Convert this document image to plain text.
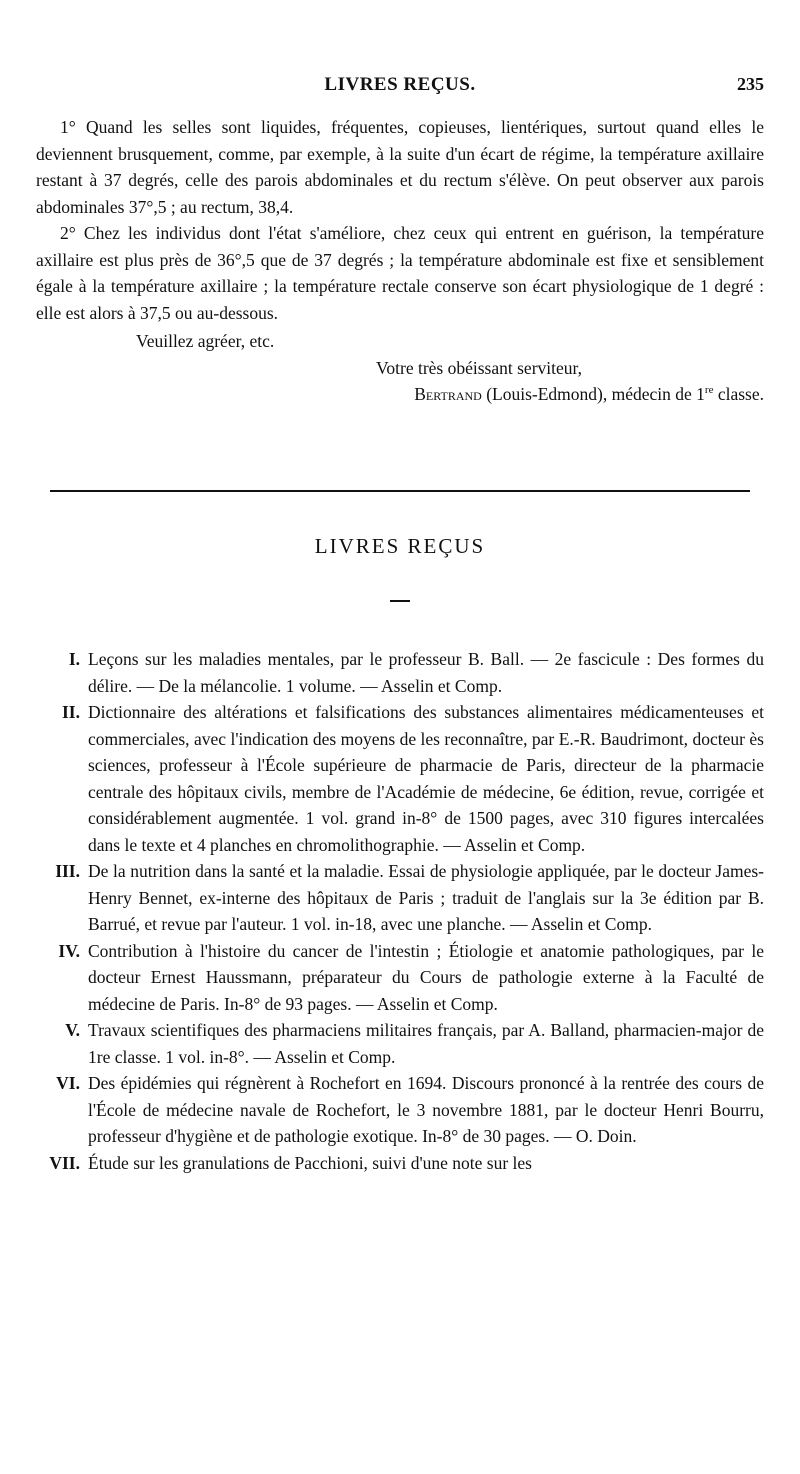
LIVRES REÇUS.	235

1° Quand les selles sont liquides, fréquentes, copieuses, lientériques, surtout quand elles le deviennent brusquement, comme, par exemple, à la suite d'un écart de régime, la température axillaire restant à 37 degrés, celle des parois abdominales et du rectum s'élève. On peut observer aux parois abdominales 37°,5 ; au rectum, 38,4.

2° Chez les individus dont l'état s'améliore, chez ceux qui entrent en guérison, la température axillaire est plus près de 36°,5 que de 37 degrés ; la température abdominale est fixe et sensiblement égale à la température axillaire ; la température rectale conserve son écart physiologique de 1 degré : elle est alors à 37,5 ou au-dessous.

Veuillez agréer, etc.
Votre très obéissant serviteur,
Bertrand (Louis-Edmond), médecin de 1re classe.
LIVRES REÇUS

I. Leçons sur les maladies mentales, par le professeur B. Ball. — 2e fascicule : Des formes du délire. — De la mélancolie. 1 volume. — Asselin et Comp.

II. Dictionnaire des altérations et falsifications des substances alimentaires médicamenteuses et commerciales, avec l'indication des moyens de les reconnaître, par E.-R. Baudrimont, docteur ès sciences, professeur à l'École supérieure de pharmacie de Paris, directeur de la pharmacie centrale des hôpitaux civils, membre de l'Académie de médecine, 6e édition, revue, corrigée et considérablement augmentée. 1 vol. grand in-8° de 1500 pages, avec 310 figures intercalées dans le texte et 4 planches en chromolithographie. — Asselin et Comp.

III. De la nutrition dans la santé et la maladie. Essai de physiologie appliquée, par le docteur James-Henry Bennet, ex-interne des hôpitaux de Paris ; traduit de l'anglais sur la 3e édition par B. Barrué, et revue par l'auteur. 1 vol. in-18, avec une planche. — Asselin et Comp.

IV. Contribution à l'histoire du cancer de l'intestin ; Étiologie et anatomie pathologiques, par le docteur Ernest Haussmann, préparateur du Cours de pathologie externe à la Faculté de médecine de Paris. In-8° de 93 pages. — Asselin et Comp.

V. Travaux scientifiques des pharmaciens militaires français, par A. Balland, pharmacien-major de 1re classe. 1 vol. in-8°. — Asselin et Comp.

VI. Des épidémies qui régnèrent à Rochefort en 1694. Discours prononcé à la rentrée des cours de l'École de médecine navale de Rochefort, le 3 novembre 1881, par le docteur Henri Bourru, professeur d'hygiène et de pathologie exotique. In-8° de 30 pages. — O. Doin.

VII. Étude sur les granulations de Pacchioni, suivi d'une note sur les
